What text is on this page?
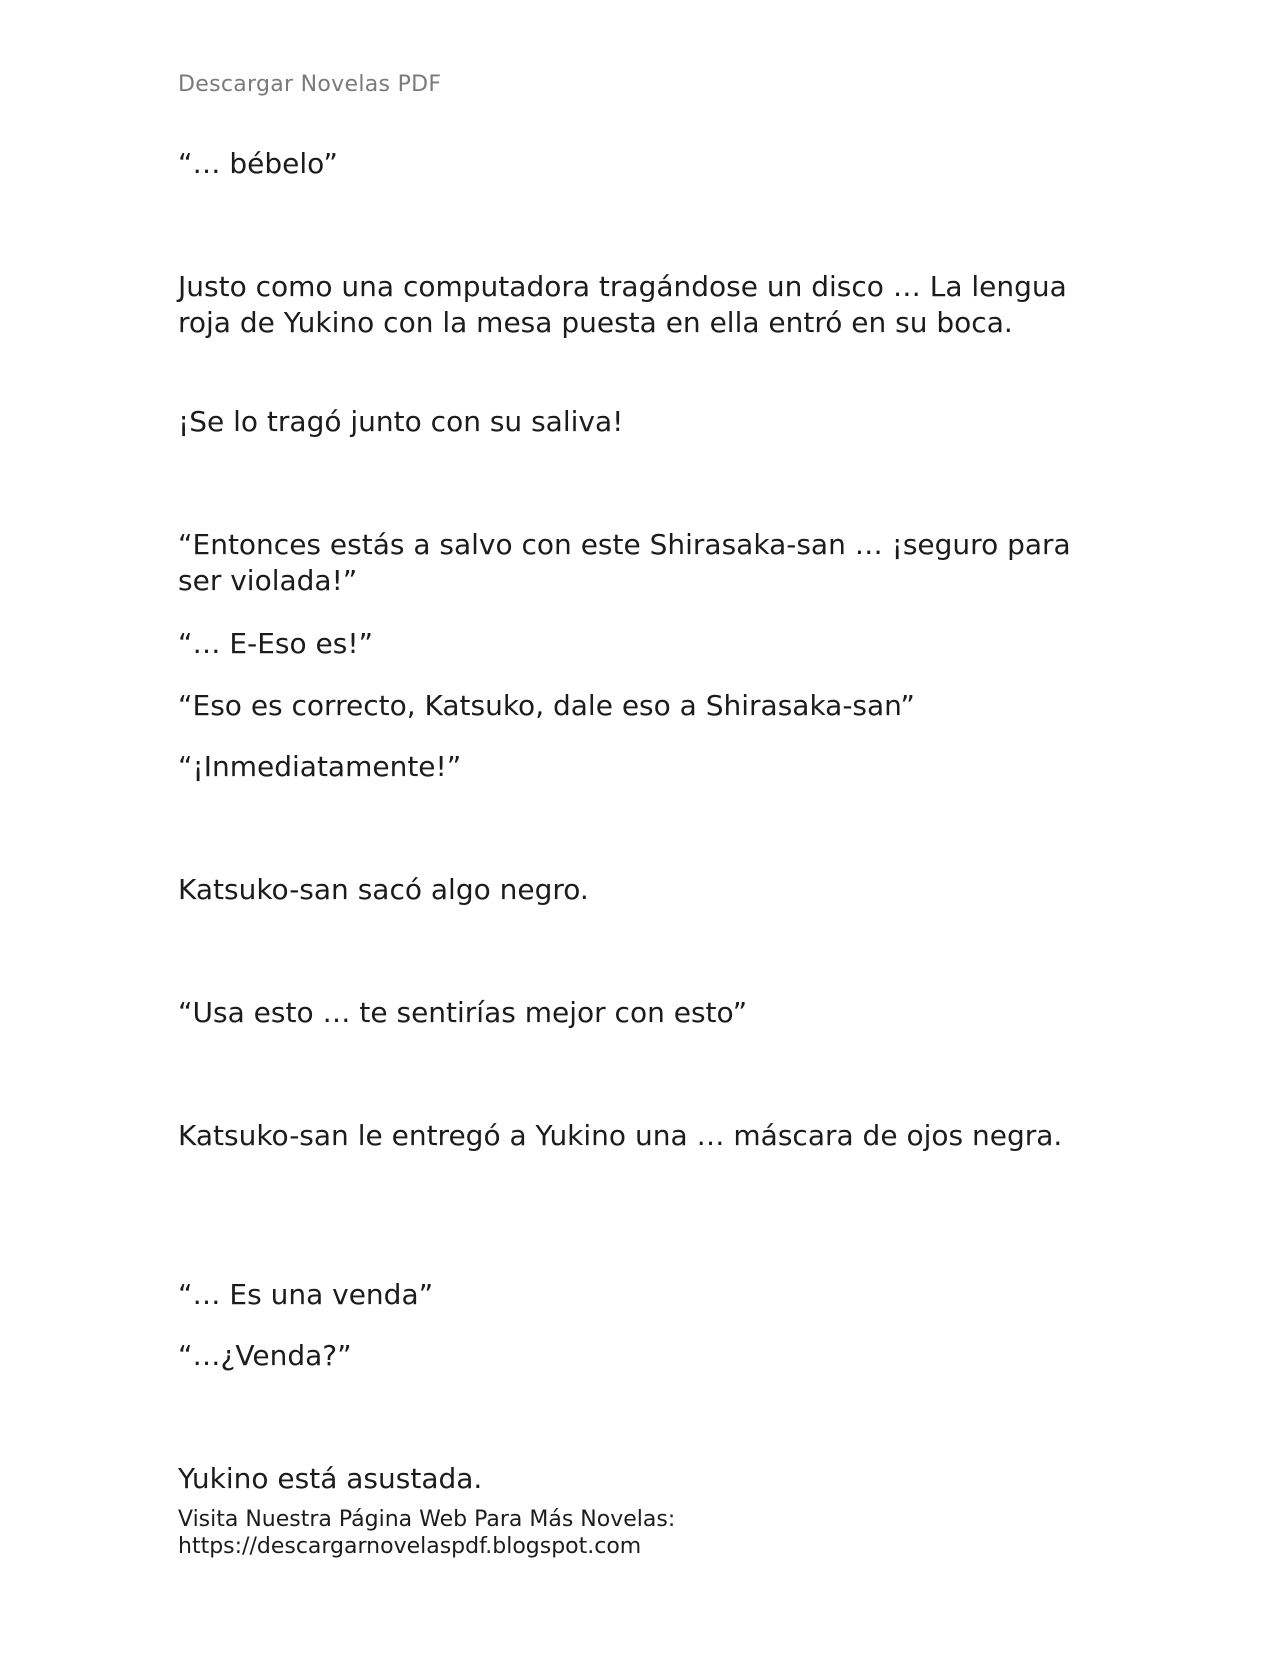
Descargar Novelas PDF

“… bébelo”

Justo como una computadora tragándose un disco … La lengua roja de Yukino con la mesa puesta en ella entró en su boca.

¡Se lo tragó junto con su saliva!

“Entonces estás a salvo con este Shirasaka-san … ¡seguro para ser violada!”

“… E-Eso es!”

“Eso es correcto, Katsuko, dale eso a Shirasaka-san”

“¡Inmediatamente!”

Katsuko-san sacó algo negro.

“Usa esto … te sentirías mejor con esto”

Katsuko-san le entregó a Yukino una … máscara de ojos negra.

“… Es una venda”

“…¿Venda?”

Yukino está asustada.

Visita Nuestra Página Web Para Más Novelas:
https://descargarnovelaspdf.blogspot.com
